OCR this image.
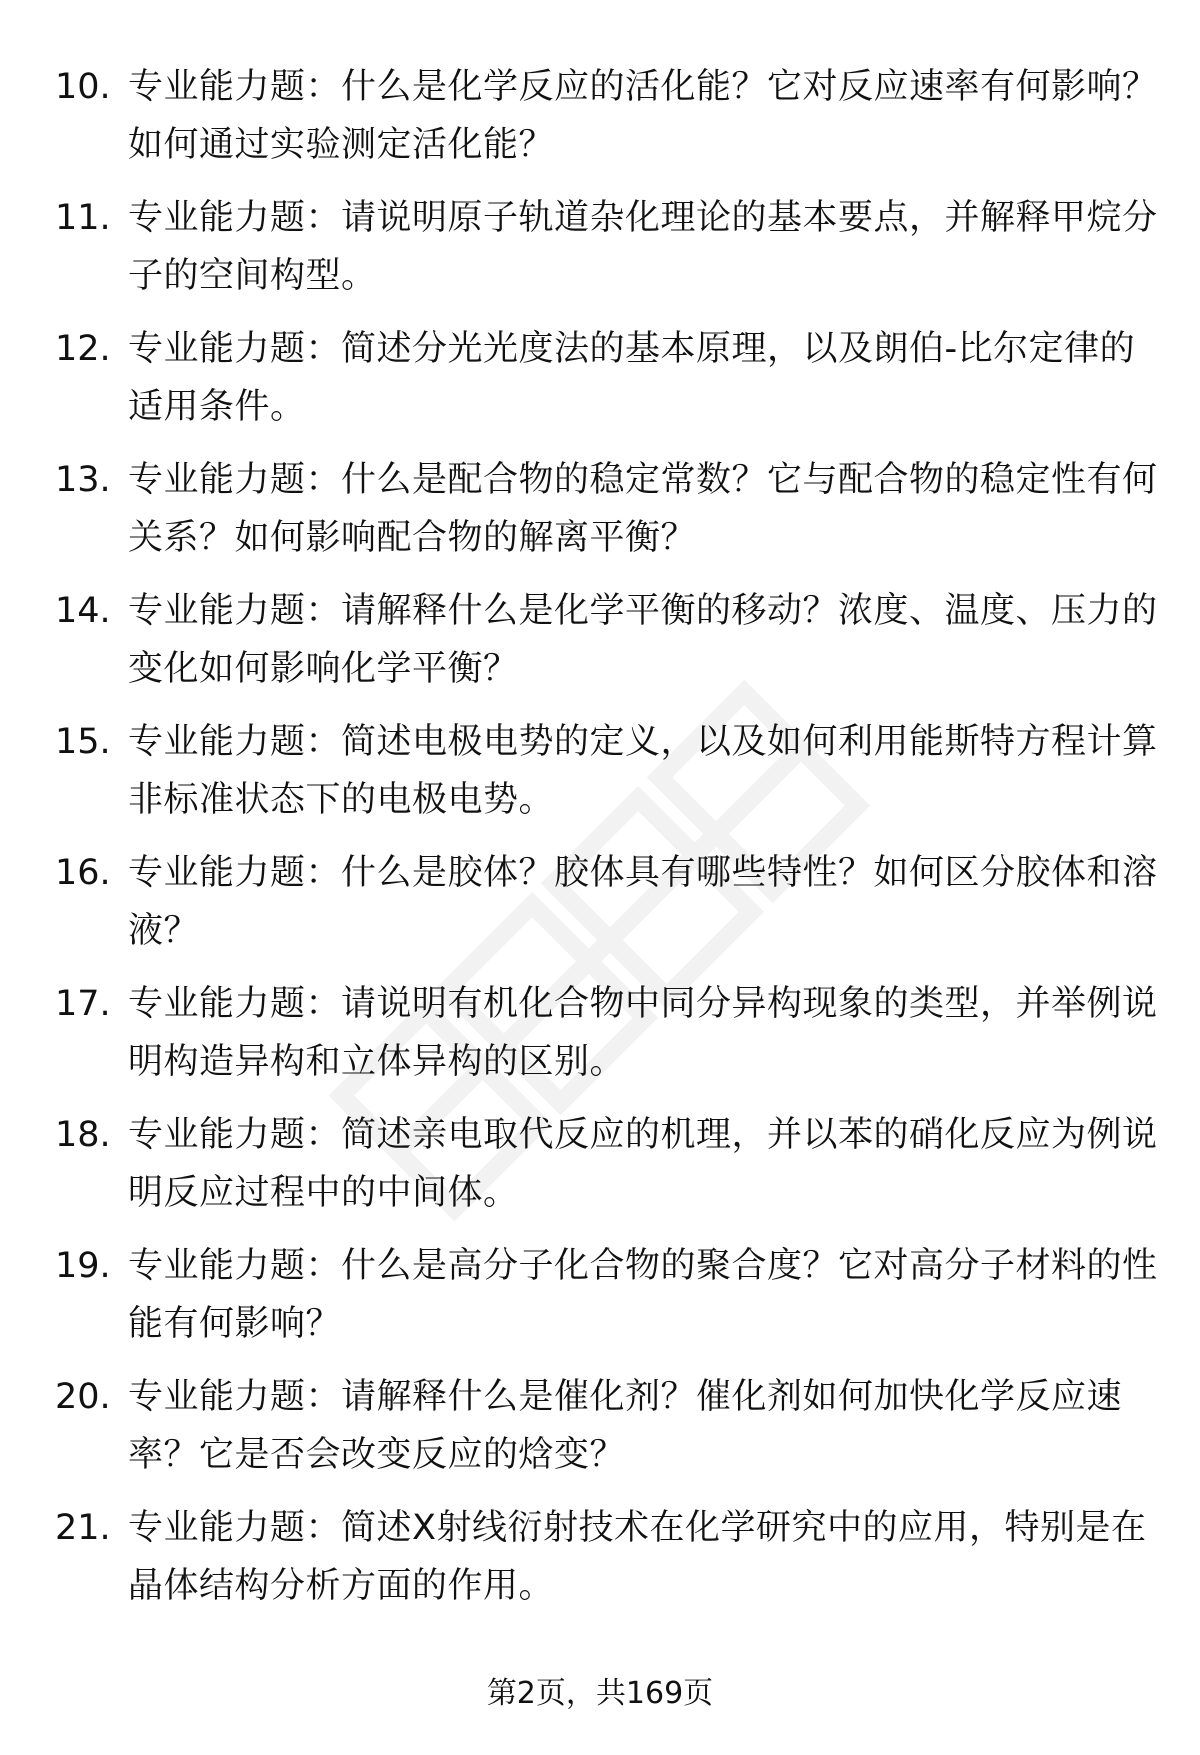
10. 专业能力题：什么是化学反应的活化能？它对反应速率有何影响？如何通过实验测定活化能？
11. 专业能力题：请说明原子轨道杂化理论的基本要点，并解释甲烷分子的空间构型。
12. 专业能力题：简述分光光度法的基本原理，以及朗伯-比尔定律的适用条件。
13. 专业能力题：什么是配合物的稳定常数？它与配合物的稳定性有何关系？如何影响配合物的解离平衡？
14. 专业能力题：请解释什么是化学平衡的移动？浓度、温度、压力的变化如何影响化学平衡？
15. 专业能力题：简述电极电势的定义，以及如何利用能斯特方程计算非标准状态下的电极电势。
16. 专业能力题：什么是胶体？胶体具有哪些特性？如何区分胶体和溶液？
17. 专业能力题：请说明有机化合物中同分异构现象的类型，并举例说明构造异构和立体异构的区别。
18. 专业能力题：简述亲电取代反应的机理，并以苯的硝化反应为例说明反应过程中的中间体。
19. 专业能力题：什么是高分子化合物的聚合度？它对高分子材料的性能有何影响？
20. 专业能力题：请解释什么是催化剂？催化剂如何加快化学反应速率？它是否会改变反应的焓变？
21. 专业能力题：简述X射线衍射技术在化学研究中的应用，特别是在晶体结构分析方面的作用。
第2页，共169页
